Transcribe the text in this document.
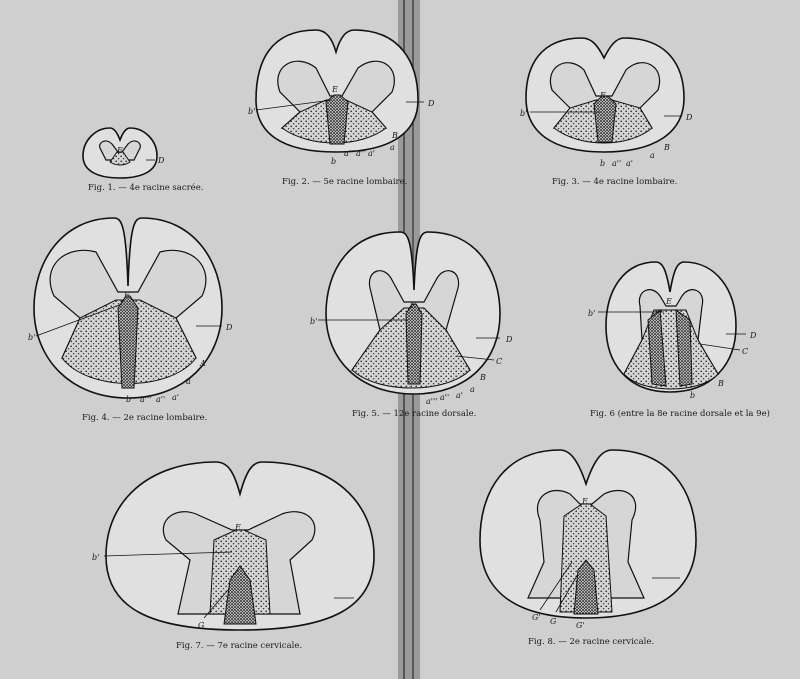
E
D
Fig. 1. — 4e racine sacrée.
E
b'
D
B
a
b
a''' a'' a'
Fig. 2. — 5e racine lombaire.
E
b'	D
B
a
b a'' a'
Fig. 3. — 4e racine lombaire.
E
b'
D
A
a
b a''' a'' a'
Fig. 4. — 2e racine lombaire.
E
b'
D
C
B
a
a''' a'' a'
Fig. 5. — 12e racine dorsale.
E
b'
D
C
B
b
Fig. 6 (entre la 8e racine dorsale et la 9e)
E
b'
G
Fig. 7. — 7e racine cervicale.
E
G' G G'
Fig. 8. — 2e racine cervicale.
